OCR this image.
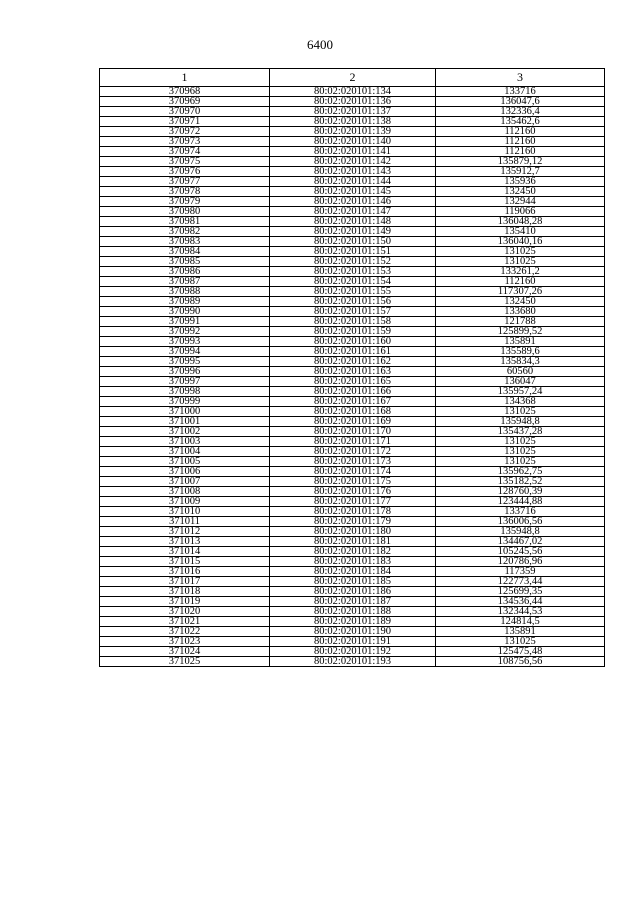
6400
1	2	3
370968	80:02:020101:134	133716
370969	80:02:020101:136	136047,6
370970	80:02:020101:137	132336,4
370971	80:02:020101:138	135462,6
370972	80:02:020101:139	112160
370973	80:02:020101:140	112160
370974	80:02:020101:141	112160
370975	80:02:020101:142	135879,12
370976	80:02:020101:143	135912,7
370977	80:02:020101:144	135936
370978	80:02:020101:145	132450
370979	80:02:020101:146	132944
370980	80:02:020101:147	119066
370981	80:02:020101:148	136048,28
370982	80:02:020101:149	135410
370983	80:02:020101:150	136040,16
370984	80:02:020101:151	131025
370985	80:02:020101:152	131025
370986	80:02:020101:153	133261,2
370987	80:02:020101:154	112160
370988	80:02:020101:155	117307,26
370989	80:02:020101:156	132450
370990	80:02:020101:157	133680
370991	80:02:020101:158	121788
370992	80:02:020101:159	125899,52
370993	80:02:020101:160	135891
370994	80:02:020101:161	135589,6
370995	80:02:020101:162	135834,3
370996	80:02:020101:163	60560
370997	80:02:020101:165	136047
370998	80:02:020101:166	135957,24
370999	80:02:020101:167	134368
371000	80:02:020101:168	131025
371001	80:02:020101:169	135948,8
371002	80:02:020101:170	135437,28
371003	80:02:020101:171	131025
371004	80:02:020101:172	131025
371005	80:02:020101:173	131025
371006	80:02:020101:174	135962,75
371007	80:02:020101:175	135182,52
371008	80:02:020101:176	128760,39
371009	80:02:020101:177	123444,88
371010	80:02:020101:178	133716
371011	80:02:020101:179	136006,56
371012	80:02:020101:180	135948,8
371013	80:02:020101:181	134467,02
371014	80:02:020101:182	105245,56
371015	80:02:020101:183	120786,96
371016	80:02:020101:184	117359
371017	80:02:020101:185	122773,44
371018	80:02:020101:186	125699,35
371019	80:02:020101:187	134536,44
371020	80:02:020101:188	132344,53
371021	80:02:020101:189	124814,5
371022	80:02:020101:190	135891
371023	80:02:020101:191	131025
371024	80:02:020101:192	125475,48
371025	80:02:020101:193	108756,56
